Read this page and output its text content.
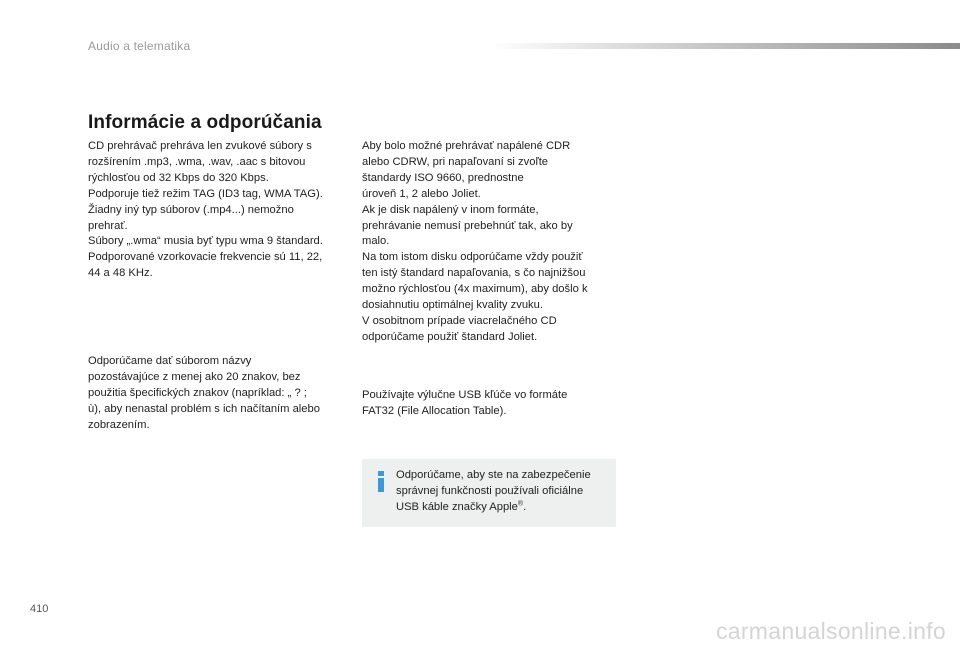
Audio a telematika
Informácie a odporúčania

CD prehrávač prehráva len zvukové súbory s
rozšírením .mp3, .wma, .wav, .aac s bitovou
rýchlosťou od 32 Kbps do 320 Kbps.
Podporuje tiež režim TAG (ID3 tag, WMA TAG).
Žiadny iný typ súborov (.mp4...) nemožno
prehrať.
Súbory „.wma“ musia byť typu wma 9 štandard.
Podporované vzorkovacie frekvencie sú 11, 22,
44 a 48 KHz.

Odporúčame dať súborom názvy
pozostávajúce z menej ako 20 znakov, bez
použitia špecifických znakov (napríklad: „ ? ;
ù), aby nenastal problém s ich načítaním alebo
zobrazením.

Aby bolo možné prehrávať napálené CDR
alebo CDRW, pri napaľovaní si zvoľte
štandardy ISO 9660, prednostne
úroveň 1, 2 alebo Joliet.
Ak je disk napálený v inom formáte,
prehrávanie nemusí prebehnúť tak, ako by
malo.
Na tom istom disku odporúčame vždy použiť
ten istý štandard napaľovania, s čo najnižšou
možno rýchlosťou (4x maximum), aby došlo k
dosiahnutiu optimálnej kvality zvuku.
V osobitnom prípade viacrelačného CD
odporúčame použiť štandard Joliet.

Používajte výlučne USB kľúče vo formáte
FAT32 (File Allocation Table).

Odporúčame, aby ste na zabezpečenie
správnej funkčnosti používali oficiálne
USB káble značky Apple®.

410
carmanualsonline.info
